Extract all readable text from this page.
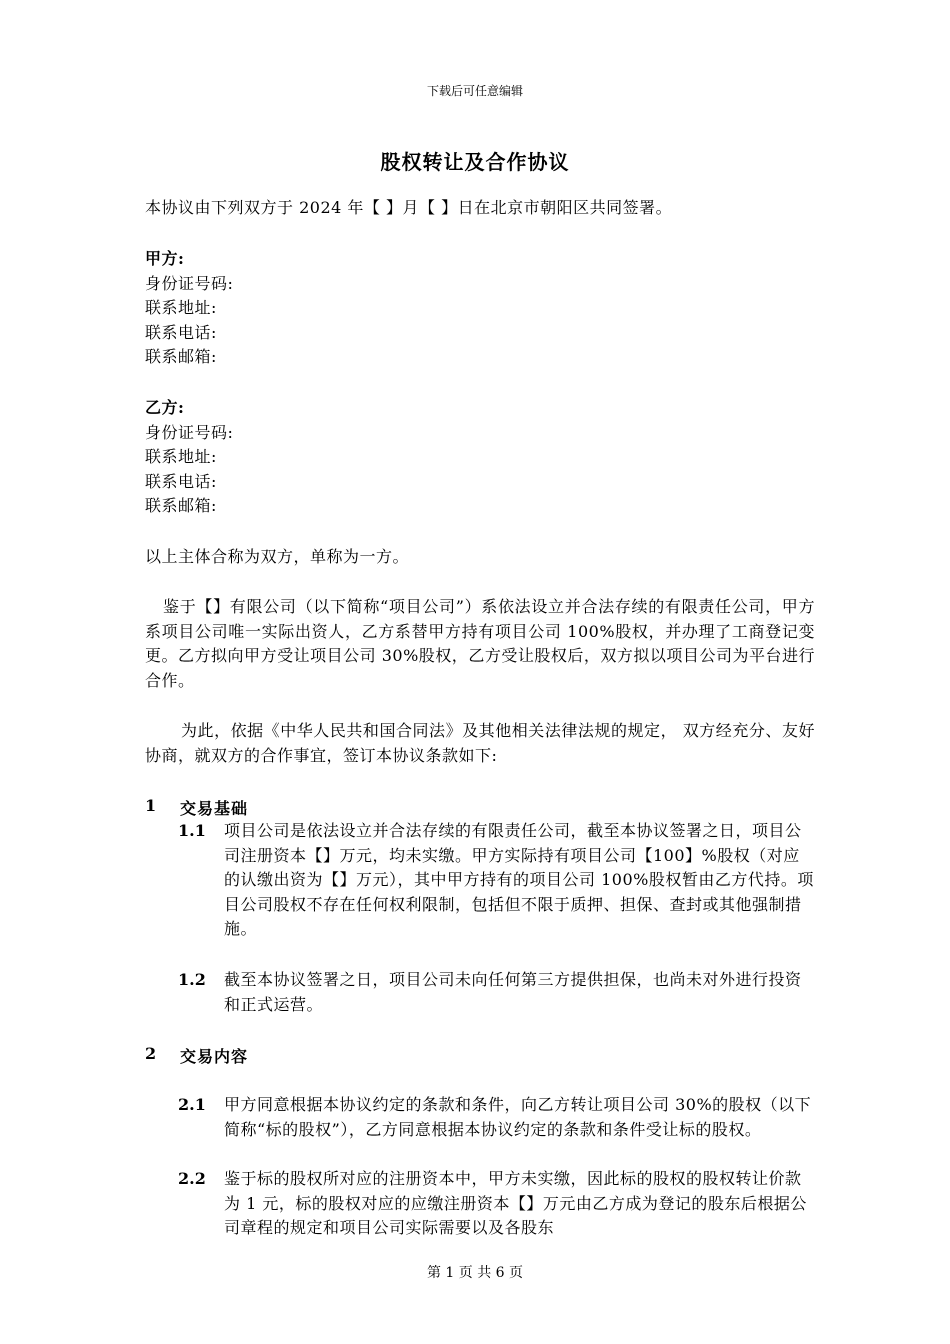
下载后可任意编辑
股权转让及合作协议
本协议由下列双方于 2024 年【 】月【 】日在北京市朝阳区共同签署。
甲方:
身份证号码:
联系地址:
联系电话:
联系邮箱:
乙方:
身份证号码:
联系地址:
联系电话:
联系邮箱:
以上主体合称为双方，单称为一方。
鉴于【】有限公司（以下简称“项目公司”）系依法设立并合法存续的有限责任公司，甲方系项目公司唯一实际出资人，乙方系替甲方持有项目公司 100%股权，并办理了工商登记变更。乙方拟向甲方受让项目公司 30%股权，乙方受让股权后，双方拟以项目公司为平台进行合作。
为此，依据《中华人民共和国合同法》及其他相关法律法规的规定， 双方经充分、友好协商，就双方的合作事宜，签订本协议条款如下:
1 交易基础
1.1 项目公司是依法设立并合法存续的有限责任公司，截至本协议签署之日，项目公司注册资本【】万元，均未实缴。甲方实际持有项目公司【100】%股权（对应的认缴出资为【】万元），其中甲方持有的项目公司 100%股权暂由乙方代持。项目公司股权不存在任何权利限制，包括但不限于质押、担保、查封或其他强制措施。
1.2 截至本协议签署之日，项目公司未向任何第三方提供担保，也尚未对外进行投资和正式运营。
2 交易内容
2.1 甲方同意根据本协议约定的条款和条件，向乙方转让项目公司 30%的股权（以下简称“标的股权”），乙方同意根据本协议约定的条款和条件受让标的股权。
2.2 鉴于标的股权所对应的注册资本中，甲方未实缴，因此标的股权的股权转让价款为 1 元，标的股权对应的应缴注册资本【】万元由乙方成为登记的股东后根据公司章程的规定和项目公司实际需要以及各股东
第 1 页 共 6 页
